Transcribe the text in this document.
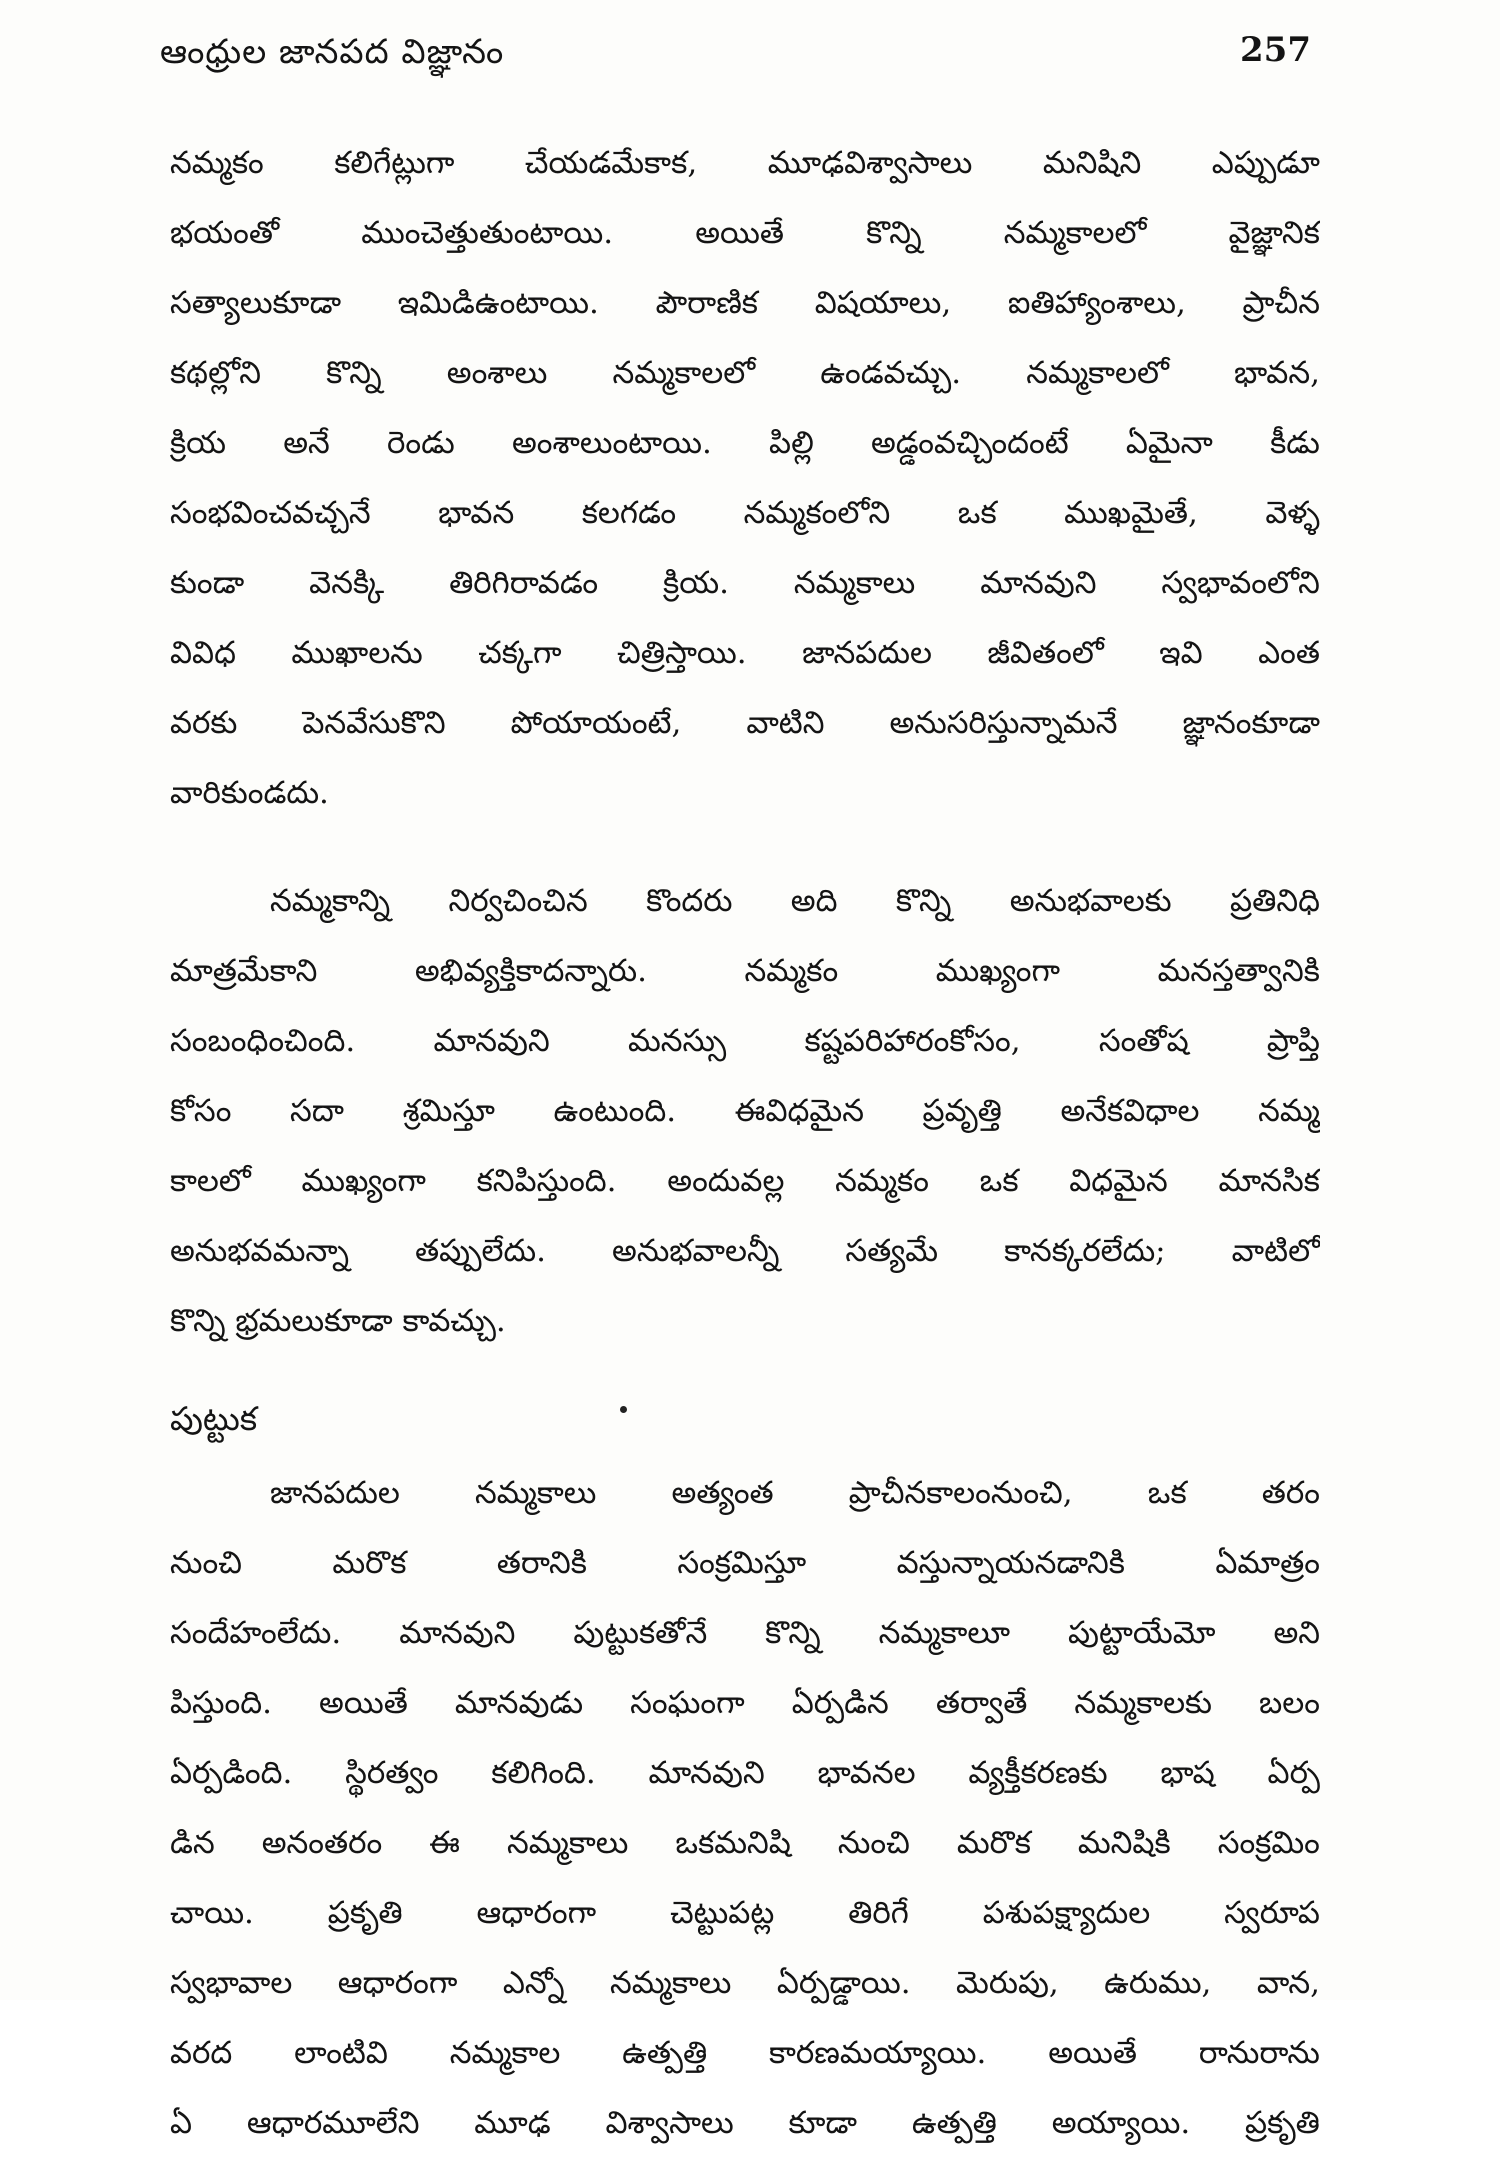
ఆంధ్రుల జానపద విజ్ఞానం	257
నమ్మకం కలిగేట్లుగా చేయడమేకాక, మూఢవిశ్వాసాలు మనిషిని ఎప్పుడూ
భయంతో	ముంచెత్తుతుంటాయి.	అయితే	కొన్ని	నమ్మకాలలో	వైజ్ఞానిక
సత్యాలుకూడా ఇమిడిఉంటాయి. పౌరాణిక విషయాలు, ఐతిహ్యాంశాలు, ప్రాచీన
కథల్లోని కొన్ని అంశాలు నమ్మకాలలో ఉండవచ్చు. నమ్మకాలలో భావన,
క్రియ అనే రెండు అంశాలుంటాయి. పిల్లి అడ్డంవచ్చిందంటే ఏమైనా కీడు
సంభవించవచ్చనే భావన కలగడం నమ్మకంలోని ఒక ముఖమైతే, వెళ్ళ
కుండా వెనక్కి తిరిగిరావడం క్రియ. నమ్మకాలు మానవుని స్వభావంలోని
వివిధ ముఖాలను చక్కగా చిత్రిస్తాయి. జానపదుల జీవితంలో ఇవి ఎంత
వరకు పెనవేసుకొని పోయాయంటే, వాటిని అనుసరిస్తున్నామనే జ్ఞానంకూడా
వారికుండదు.
నమ్మకాన్ని నిర్వచించిన కొందరు అది కొన్ని అనుభవాలకు ప్రతినిధి
మాత్రమేకాని	అభివ్యక్తికాదన్నారు.	నమ్మకం	ముఖ్యంగా	మనస్తత్వానికి
సంబంధించింది.	మానవుని	మనస్సు	కష్టపరిహారంకోసం,	సంతోష	ప్రాప్తి
కోసం సదా శ్రమిస్తూ ఉంటుంది. ఈవిధమైన ప్రవృత్తి అనేకవిధాల నమ్మ
కాలలో ముఖ్యంగా కనిపిస్తుంది. అందువల్ల నమ్మకం ఒక విధమైన మానసిక
అనుభవమన్నా తప్పులేదు. అనుభవాలన్నీ సత్యమే కానక్కరలేదు; వాటిలో
కొన్ని భ్రమలుకూడా కావచ్చు.
పుట్టుక
జానపదుల నమ్మకాలు అత్యంత ప్రాచీనకాలంనుంచి, ఒక తరం
నుంచి	మరొక	తరానికి	సంక్రమిస్తూ	వస్తున్నాయనడానికి	ఏమాత్రం
సందేహంలేదు. మానవుని పుట్టుకతోనే కొన్ని నమ్మకాలూ పుట్టాయేమో అని
పిస్తుంది. అయితే మానవుడు సంఘంగా ఏర్పడిన తర్వాతే నమ్మకాలకు బలం
ఏర్పడింది. స్థిరత్వం కలిగింది. మానవుని భావనల వ్యక్తీకరణకు భాష ఏర్ప
డిన అనంతరం ఈ నమ్మకాలు ఒకమనిషి నుంచి మరొక మనిషికి సంక్రమిం
చాయి. ప్రకృతి ఆధారంగా చెట్టుపట్ల తిరిగే పశుపక్ష్యాదుల స్వరూప
స్వభావాల ఆధారంగా ఎన్నో నమ్మకాలు ఏర్పడ్డాయి. మెరుపు, ఉరుము, వాన,
వరద లాంటివి నమ్మకాల ఉత్పత్తి కారణమయ్యాయి. అయితే రానురాను
ఏ ఆధారమూలేని మూఢ విశ్వాసాలు కూడా ఉత్పత్తి అయ్యాయి. ప్రకృతి
